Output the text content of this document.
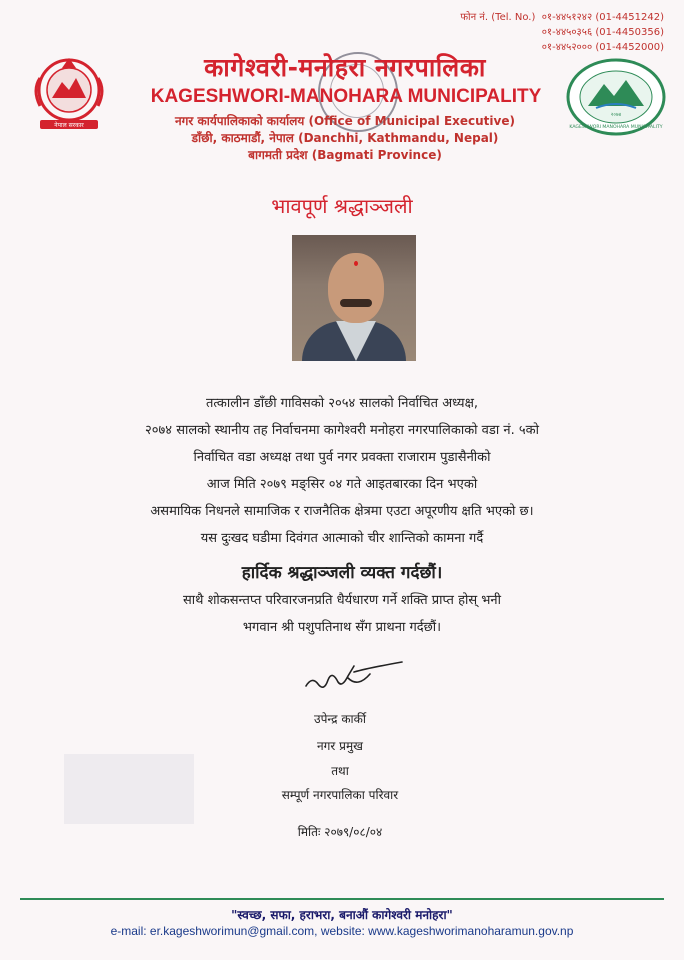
फोन नं. (Tel. No.) ०१-४४५१२४२ (01-4451242)
०१-४४५०३५६ (01-4450356)
०१-४४५२००० (01-4452000)
नेपाल सरकार
कागेश्वरी-मनोहरा नगरपालिका
KAGESHWORI-MANOHARA MUNICIPALITY
नगर कार्यपालिकाको कार्यालय (Office of Municipal Executive)
डाँछी, काठमाडौं, नेपाल (Danchhi, Kathmandu, Nepal)
बागमती प्रदेश (Bagmati Province)
KAGESHWORI MANOHARA MUNICIPALITY
२०७४
भावपूर्ण श्रद्धाञ्जली
तत्कालीन डाँछी गाविसको २०५४ सालको निर्वाचित अध्यक्ष,
२०७४ सालको स्थानीय तह निर्वाचनमा कागेश्वरी मनोहरा नगरपालिकाको वडा नं. ५को
निर्वाचित वडा अध्यक्ष तथा पुर्व नगर प्रवक्ता राजाराम पुडासैनीको
आज मिति २०७९ मङ्सिर ०४ गते आइतबारका दिन भएको
असमायिक निधनले सामाजिक र राजनैतिक क्षेत्रमा एउटा अपूरणीय क्षति भएको छ।
यस दुःखद घडीमा दिवंगत आत्माको चीर शान्तिको कामना गर्दै
हार्दिक श्रद्धाञ्जली व्यक्त गर्दछौं।
साथै शोकसन्तप्त परिवारजनप्रति धैर्यधारण गर्ने शक्ति प्राप्त होस् भनी
भगवान श्री पशुपतिनाथ सँग प्राथना गर्दछौं।
उपेन्द्र कार्की
नगर प्रमुख
तथा
सम्पूर्ण नगरपालिका परिवार
मितिः २०७९/०८/०४
"स्वच्छ, सफा, हराभरा, बनाऔं कागेश्वरी मनोहरा"
e-mail: er.kageshworimun@gmail.com, website: www.kageshworimanoharamun.gov.np
